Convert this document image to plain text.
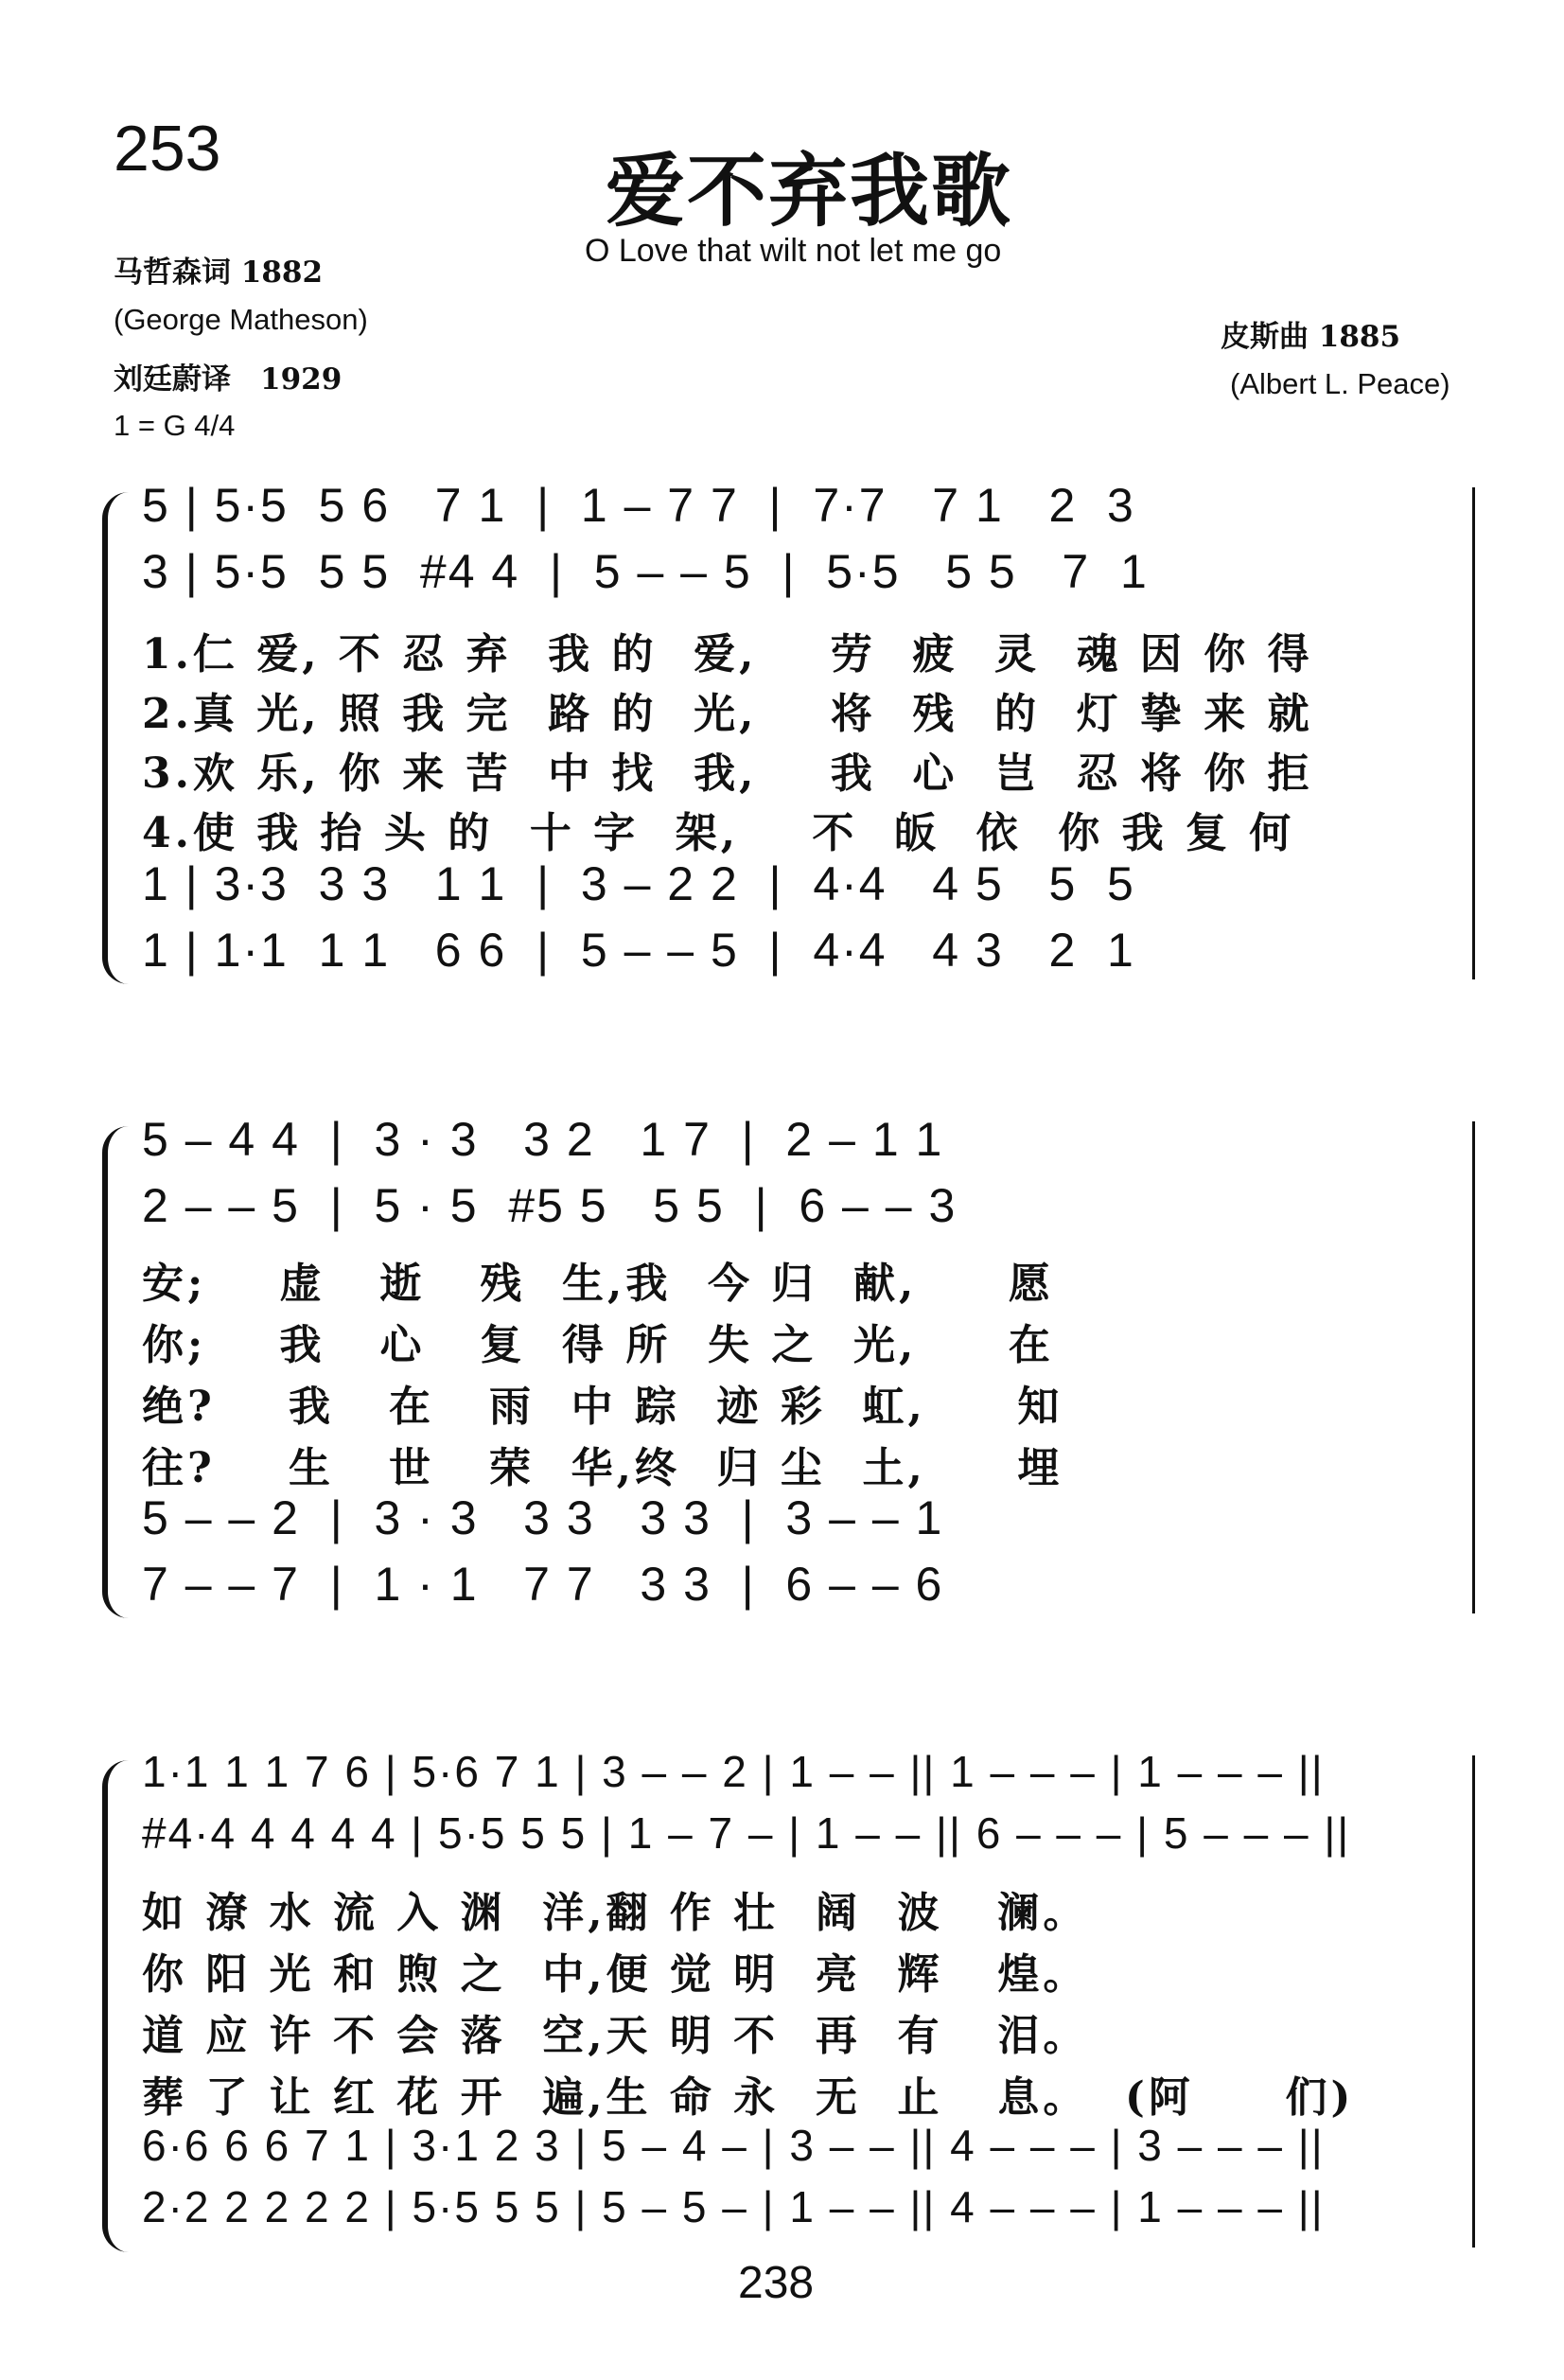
253	爱不弃我歌
O Love that wilt not let me go
马哲森词 1882
(George Matheson)
刘廷蔚译　1929
1 = G 4/4
皮斯曲 1885
(Albert L. Peace)
5 | 5·5  5 6   7 1  |  1 – 7 7  |  7·7   7 1   2  3
3 | 5·5  5 5  #4 4  |  5 – – 5  |  5·5   5 5   7  1
1.仁 爱, 不 忍 弃  我 的  爱,    劳  疲  灵  魂 因 你 得
2.真 光, 照 我 完  路 的  光,    将  残  的  灯 挚 来 就
3.欢 乐, 你 来 苦  中 找  我,    我  心  岂  忍 将 你 拒
4.使 我 抬 头 的  十 字  架,    不  皈  依  你 我 复 何
1 | 3·3  3 3   1 1  |  3 – 2 2  |  4·4   4 5   5  5
1 | 1·1  1 1   6 6  |  5 – – 5  |  4·4   4 3   2  1
5 – 4 4  |  3 · 3   3 2   1 7  |  2 – 1 1
2 – – 5  |  5 · 5  #5 5   5 5  |  6 – – 3
安;    虚   逝   残  生,我  今 归  献,     愿
你;    我   心   复  得 所  失 之  光,     在
绝?    我   在   雨  中 踪  迹 彩  虹,     知
往?    生   世   荣  华,终  归 尘  土,     埋
5 – – 2  |  3 · 3   3 3   3 3  |  3 – – 1
7 – – 7  |  1 · 1   7 7   3 3  |  6 – – 6
1·1 1 1 7 6 | 5·6 7 1 | 3 – – 2 | 1 – – || 1 – – – | 1 – – – ||
#4·4 4 4 4 4 | 5·5 5 5 | 1 – 7 – | 1 – – || 6 – – – | 5 – – – ||
如 潦 水 流 入 渊  洋,翻 作 壮  阔  波   澜。
你 阳 光 和 煦 之  中,便 觉 明  亮  辉   煌。
道 应 许 不 会 落  空,天 明 不  再  有   泪。
葬 了 让 红 花 开  遍,生 命 永  无  止   息。  (阿     们)
6·6 6 6 7 1 | 3·1 2 3 | 5 – 4 – | 3 – – || 4 – – – | 3 – – – ||
2·2 2 2 2 2 | 5·5 5 5 | 5 – 5 – | 1 – – || 4 – – – | 1 – – – ||
238
